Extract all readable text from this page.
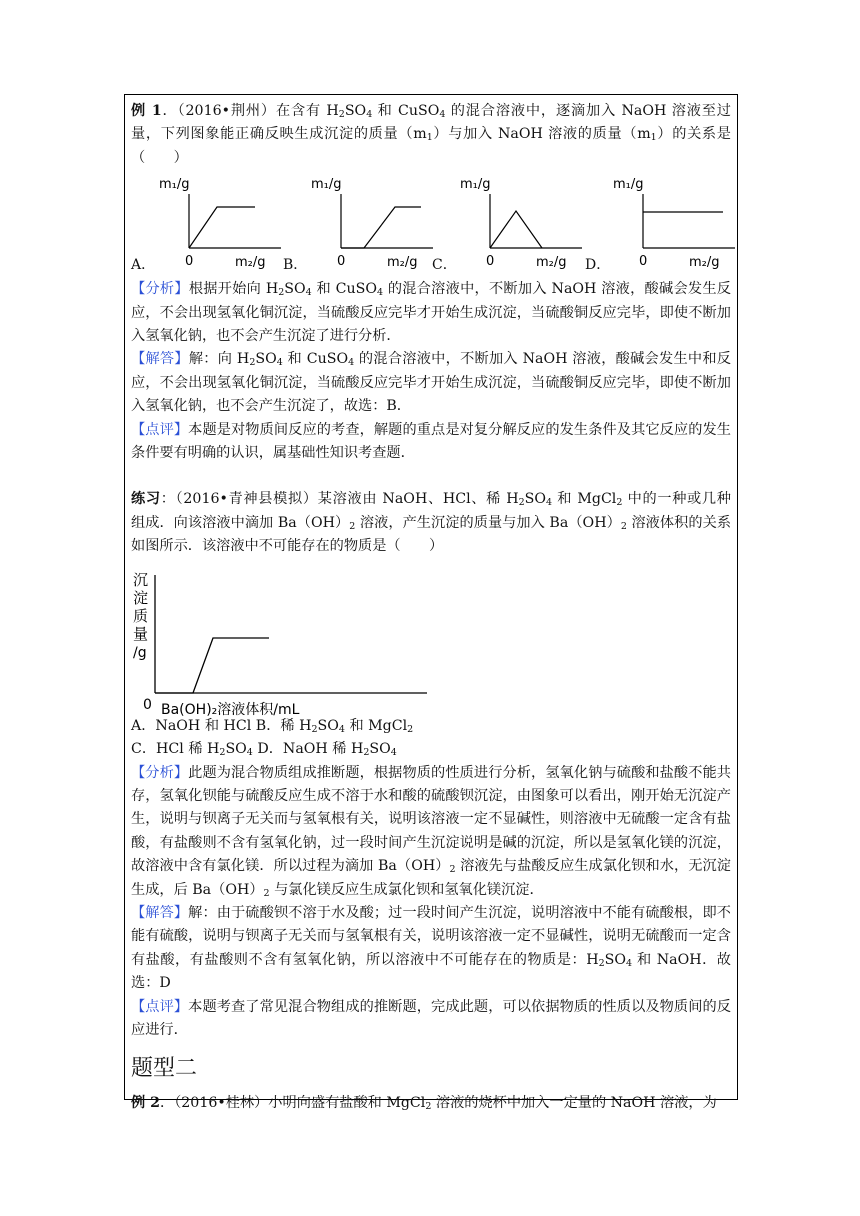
例 1．（2016•荆州）在含有 $H_2SO_4$ 和 CuSO$_4$ 的混合溶液中，逐滴加入 NaOH 溶液至过量，下列图象能正确反映生成沉淀的质量$(m_1)$与加入 NaOH 溶液的质量$(m_1)$的关系是（　　）

A．	B．	C．	D．
m₁/g
0	m₂/g
m₁/g
0	m₂/g
m₁/g
0	m₂/g
m₁/g
0	m₂/g

【分析】根据开始向 $H_2SO_4$ 和 CuSO$_4$ 的混合溶液中，不断加入 NaOH 溶液，酸碱会发生反应，不会出现氢氧化铜沉淀，当硫酸反应完毕才开始生成沉淀，当硫酸铜反应完毕，即使不断加入氢氧化钠，也不会产生沉淀了进行分析．

【解答】解：向 $H_2SO_4$ 和 CuSO$_4$ 的混合溶液中，不断加入 NaOH 溶液，酸碱会发生中和反应，不会出现氢氧化铜沉淀，当硫酸反应完毕才开始生成沉淀，当硫酸铜反应完毕，即使不断加入氢氧化钠，也不会产生沉淀了，故选：B．

【点评】本题是对物质间反应的考查，解题的重点是对复分解反应的发生条件及其它反应的发生条件要有明确的认识，属基础性知识考查题．

练习：（2016•青神县模拟）某溶液由 NaOH、HCl、稀 $H_2SO_4$ 和 MgCl$_2$ 中的一种或几种　组成．向该溶液中滴加 $Ba(OH)_2$ 溶液，产生沉淀的质量与加入 $Ba(OH)_2$ 溶液体积的关系如图所示．该溶液中不可能存在的物质是（　　）

沉
淀
质
量
/g
0 Ba(OH)₂溶液体积/mL

A．NaOH 和 HCl B．稀 $H_2SO_4$ 和 MgCl$_2$

C．HCl 稀 $H_2SO_4$ D．NaOH 稀 $H_2SO_4$

【分析】此题为混合物质组成推断题，根据物质的性质进行分析，氢氧化钠与硫酸和盐酸不能共存，氢氧化钡能与硫酸反应生成不溶于水和酸的硫酸钡沉淀，由图象可以看出，刚开始无沉淀产生，说明与钡离子无关而与氢氧根有关，说明该溶液一定不显碱性，则溶液中无硫酸一定含有盐酸，有盐酸则不含有氢氧化钠，过一段时间产生沉淀说明是碱的沉淀，所以是氢氧化镁的沉淀，故溶液中含有氯化镁．所以过程为滴加 $Ba(OH)_2$ 溶液先与盐酸反应生成氯化钡和水，无沉淀生成，后 $Ba(OH)_2$ 与氯化镁反应生成氯化钡和氢氧化镁沉淀．

【解答】解：由于硫酸钡不溶于水及酸；过一段时间产生沉淀，说明溶液中不能有硫酸根，即不能有硫酸，说明与钡离子无关而与氢氧根有关，说明该溶液一定不显碱性，说明无硫酸而一定含有盐酸，有盐酸则不含有氢氧化钠，所以溶液中不可能存在的物质是：$H_2SO_4$ 和 NaOH．故选：D

【点评】本题考查了常见混合物组成的推断题，完成此题，可以依据物质的性质以及物质间的反应进行．

题型二

例 2．（2016•桂林）小明向盛有盐酸和 MgCl$_2$ 溶液的烧杯中加入一定量的 NaOH 溶液，为
